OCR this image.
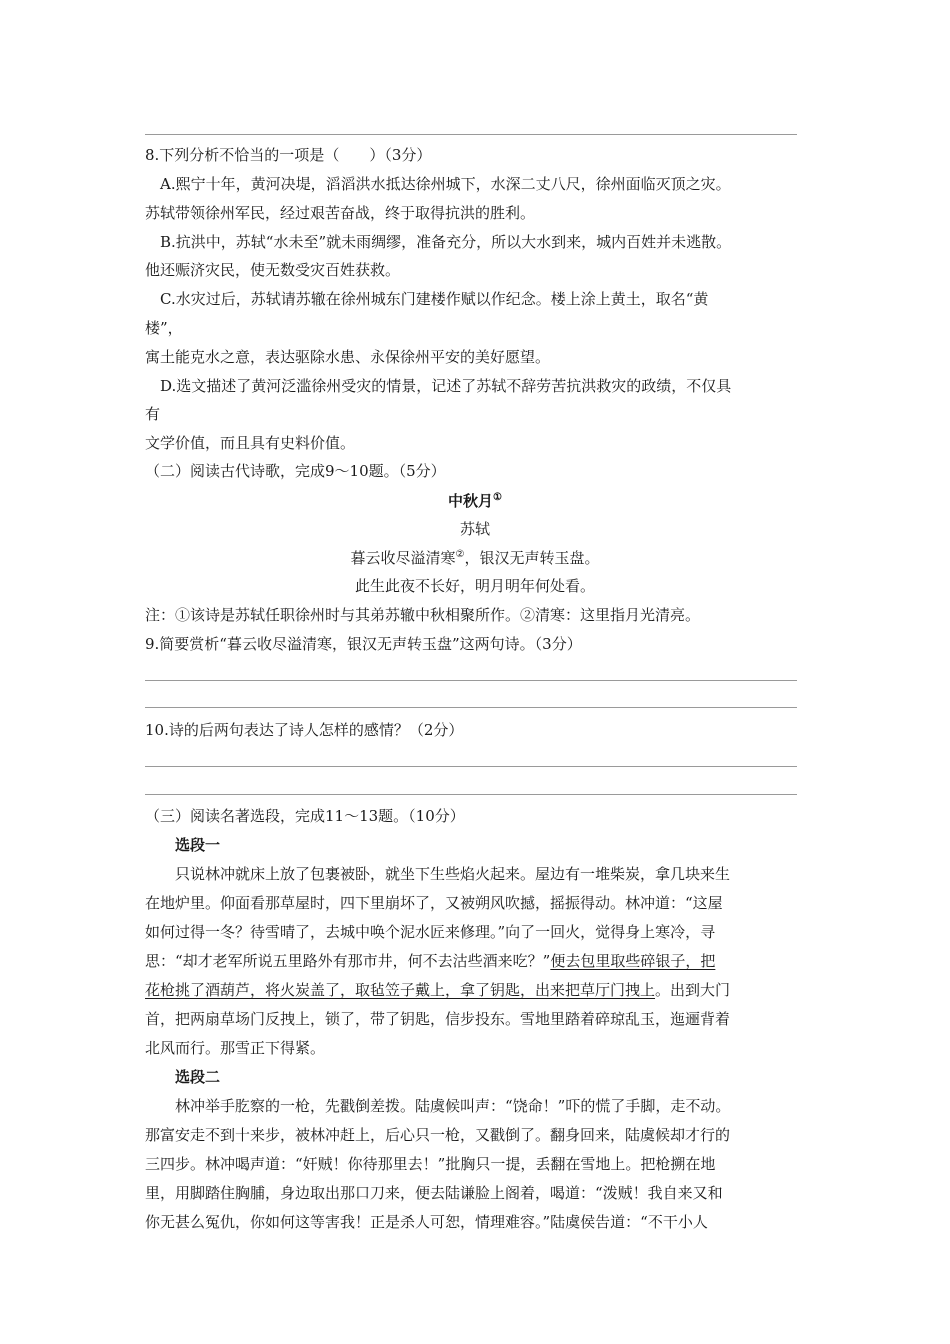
8.下列分析不恰当的一项是（　　）（3分）
A.熙宁十年，黄河决堤，滔滔洪水抵达徐州城下，水深二丈八尺，徐州面临灭顶之灾。
苏轼带领徐州军民，经过艰苦奋战，终于取得抗洪的胜利。
B.抗洪中，苏轼“水未至”就未雨绸缪，准备充分，所以大水到来，城内百姓并未逃散。
他还赈济灾民，使无数受灾百姓获救。
C.水灾过后，苏轼请苏辙在徐州城东门建楼作赋以作纪念。楼上涂上黄土，取名“黄
楼”，
寓土能克水之意，表达驱除水患、永保徐州平安的美好愿望。
D.选文描述了黄河泛滥徐州受灾的情景，记述了苏轼不辞劳苦抗洪救灾的政绩，不仅具
有
文学价值，而且具有史料价值。
（二）阅读古代诗歌，完成9～10题。（5分）
中秋月①
苏轼
暮云收尽溢清寒②，银汉无声转玉盘。
此生此夜不长好，明月明年何处看。
注：①该诗是苏轼任职徐州时与其弟苏辙中秋相聚所作。②清寒：这里指月光清亮。
9.简要赏析“暮云收尽溢清寒，银汉无声转玉盘”这两句诗。（3分）
10.诗的后两句表达了诗人怎样的感情？（2分）
（三）阅读名著选段，完成11～13题。（10分）
选段一
只说林冲就床上放了包裹被卧，就坐下生些焰火起来。屋边有一堆柴炭，拿几块来生
在地炉里。仰面看那草屋时，四下里崩坏了，又被朔风吹撼，摇振得动。林冲道：“这屋
如何过得一冬？待雪晴了，去城中唤个泥水匠来修理。”向了一回火，觉得身上寒冷，寻
思：“却才老军所说五里路外有那市井，何不去沽些酒来吃？”便去包里取些碎银子，把
花枪挑了酒葫芦，将火炭盖了，取毡笠子戴上，拿了钥匙，出来把草厅门拽上。出到大门
首，把两扇草场门反拽上，锁了，带了钥匙，信步投东。雪地里踏着碎琼乱玉，迤逦背着
北风而行。那雪正下得紧。
选段二
林冲举手肐察的一枪，先戳倒差拨。陆虞候叫声：“饶命！”吓的慌了手脚，走不动。
那富安走不到十来步，被林冲赶上，后心只一枪，又戳倒了。翻身回来，陆虞候却才行的
三四步。林冲喝声道：“奸贼！你待那里去！”批胸只一提，丢翻在雪地上。把枪搠在地
里，用脚踏住胸脯，身边取出那口刀来，便去陆谦脸上阁着，喝道：“泼贼！我自来又和
你无甚么冤仇，你如何这等害我！正是杀人可恕，情理难容。”陆虞侯告道：“不干小人
